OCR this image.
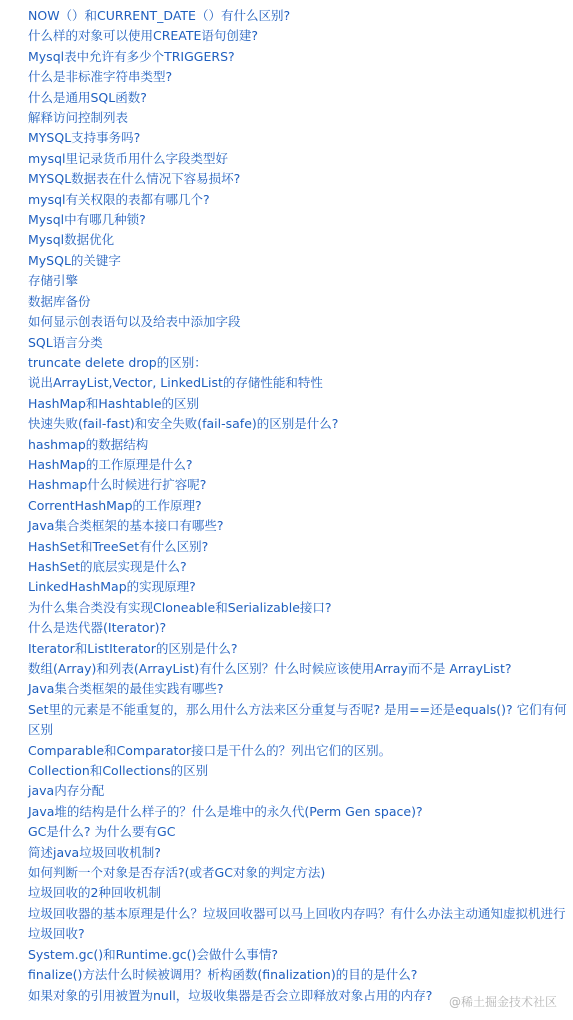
NOW（）和CURRENT_DATE（）有什么区别?
什么样的对象可以使用CREATE语句创建?
Mysql表中允许有多少个TRIGGERS?
什么是非标准字符串类型?
什么是通用SQL函数?
解释访问控制列表
MYSQL支持事务吗?
mysql里记录货币用什么字段类型好
MYSQL数据表在什么情况下容易损坏?
mysql有关权限的表都有哪几个?
Mysql中有哪几种锁?
Mysql数据优化
MySQL的关键字
存储引擎
数据库备份
如何显示创表语句以及给表中添加字段
SQL语言分类
truncate delete drop的区别：
说出ArrayList,Vector, LinkedList的存储性能和特性
HashMap和Hashtable的区别
快速失败(fail-fast)和安全失败(fail-safe)的区别是什么?
hashmap的数据结构
HashMap的工作原理是什么?
Hashmap什么时候进行扩容呢?
CorrentHashMap的工作原理?
Java集合类框架的基本接口有哪些?
HashSet和TreeSet有什么区别?
HashSet的底层实现是什么?
LinkedHashMap的实现原理?
为什么集合类没有实现Cloneable和Serializable接口?
什么是迭代器(Iterator)?
Iterator和ListIterator的区别是什么?
数组(Array)和列表(ArrayList)有什么区别？什么时候应该使用Array而不是 ArrayList?
Java集合类框架的最佳实践有哪些?
Set里的元素是不能重复的，那么用什么方法来区分重复与否呢? 是用==还是equals()? 它们有何区别
Comparable和Comparator接口是干什么的？列出它们的区别。
Collection和Collections的区别
java内存分配
Java堆的结构是什么样子的？什么是堆中的永久代(Perm Gen space)?
GC是什么? 为什么要有GC
简述java垃圾回收机制?
如何判断一个对象是否存活?(或者GC对象的判定方法)
垃圾回收的2种回收机制
垃圾回收器的基本原理是什么？垃圾回收器可以马上回收内存吗？有什么办法主动通知虚拟机进行垃圾回收?
System.gc()和Runtime.gc()会做什么事情?
finalize()方法什么时候被调用？析构函数(finalization)的目的是什么?
如果对象的引用被置为null，垃圾收集器是否会立即释放对象占用的内存?	@稀土掘金技术社区
